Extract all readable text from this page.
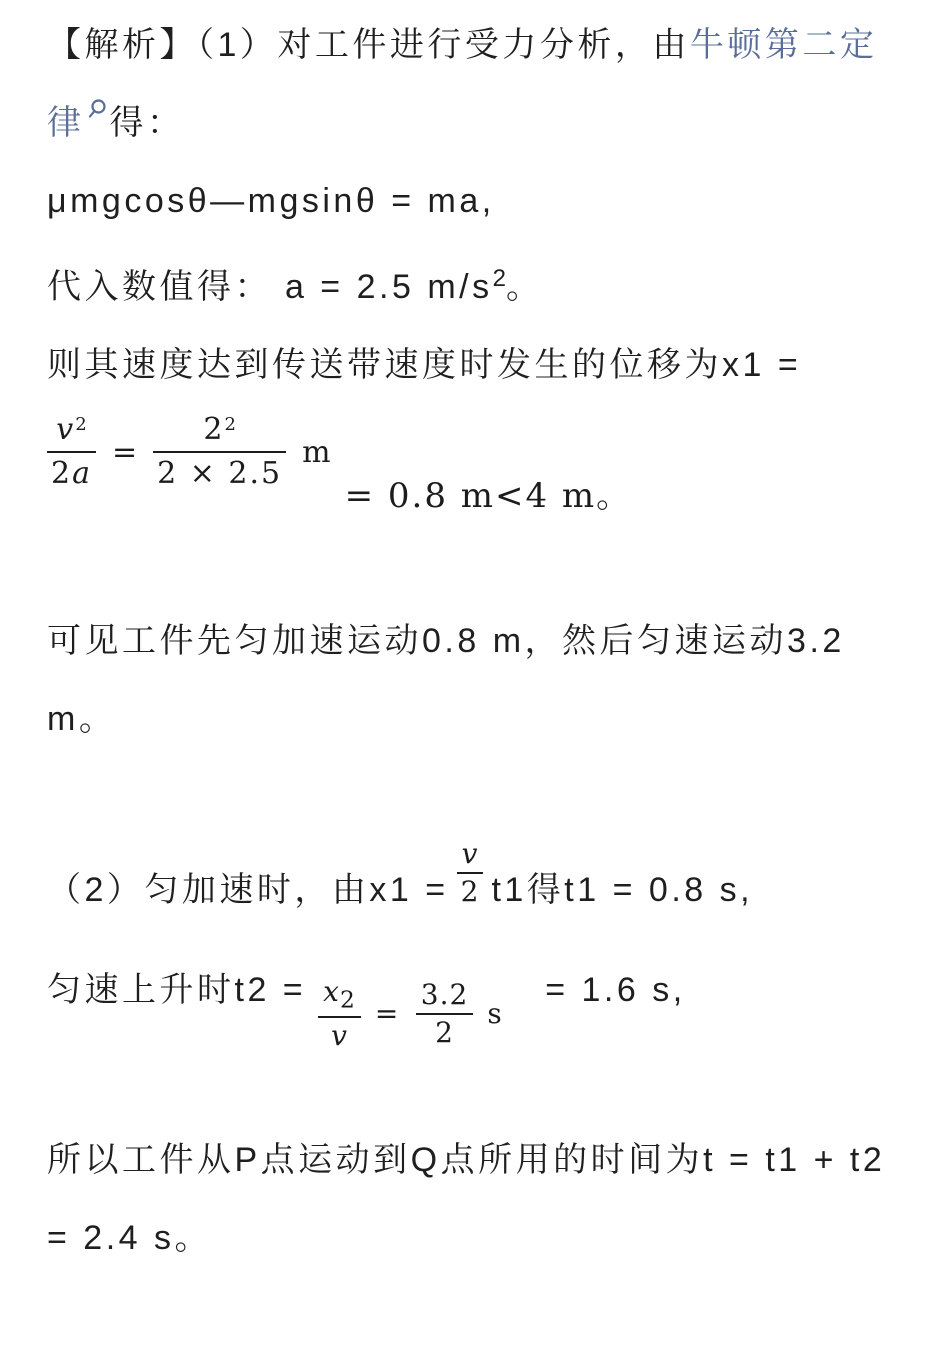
【解析】（1）对工件进行受力分析，由牛顿第二定律 得：

μmgcosθ—mgsinθ = ma,

代入数值得： a = 2.5 $m/s^2$。

则其速度达到传送带速度时发生的位移为x1 =

$\frac{v^2}{2a} = \frac{2^2}{2 \times 2.5}$ m
= 0.8 m<4 m。

可见工件先匀加速运动0.8 m，然后匀速运动3.2 m。

（2）匀加速时，由$x1 = \frac{v}{2} t1$得t1 = 0.8 s,

匀速上升时$t2 = \frac{x_2}{v} = \frac{3.2}{2}$ s
= 1.6 s,

所以工件从P点运动到Q点所用的时间为t = t1 + t2 = 2.4 s。
